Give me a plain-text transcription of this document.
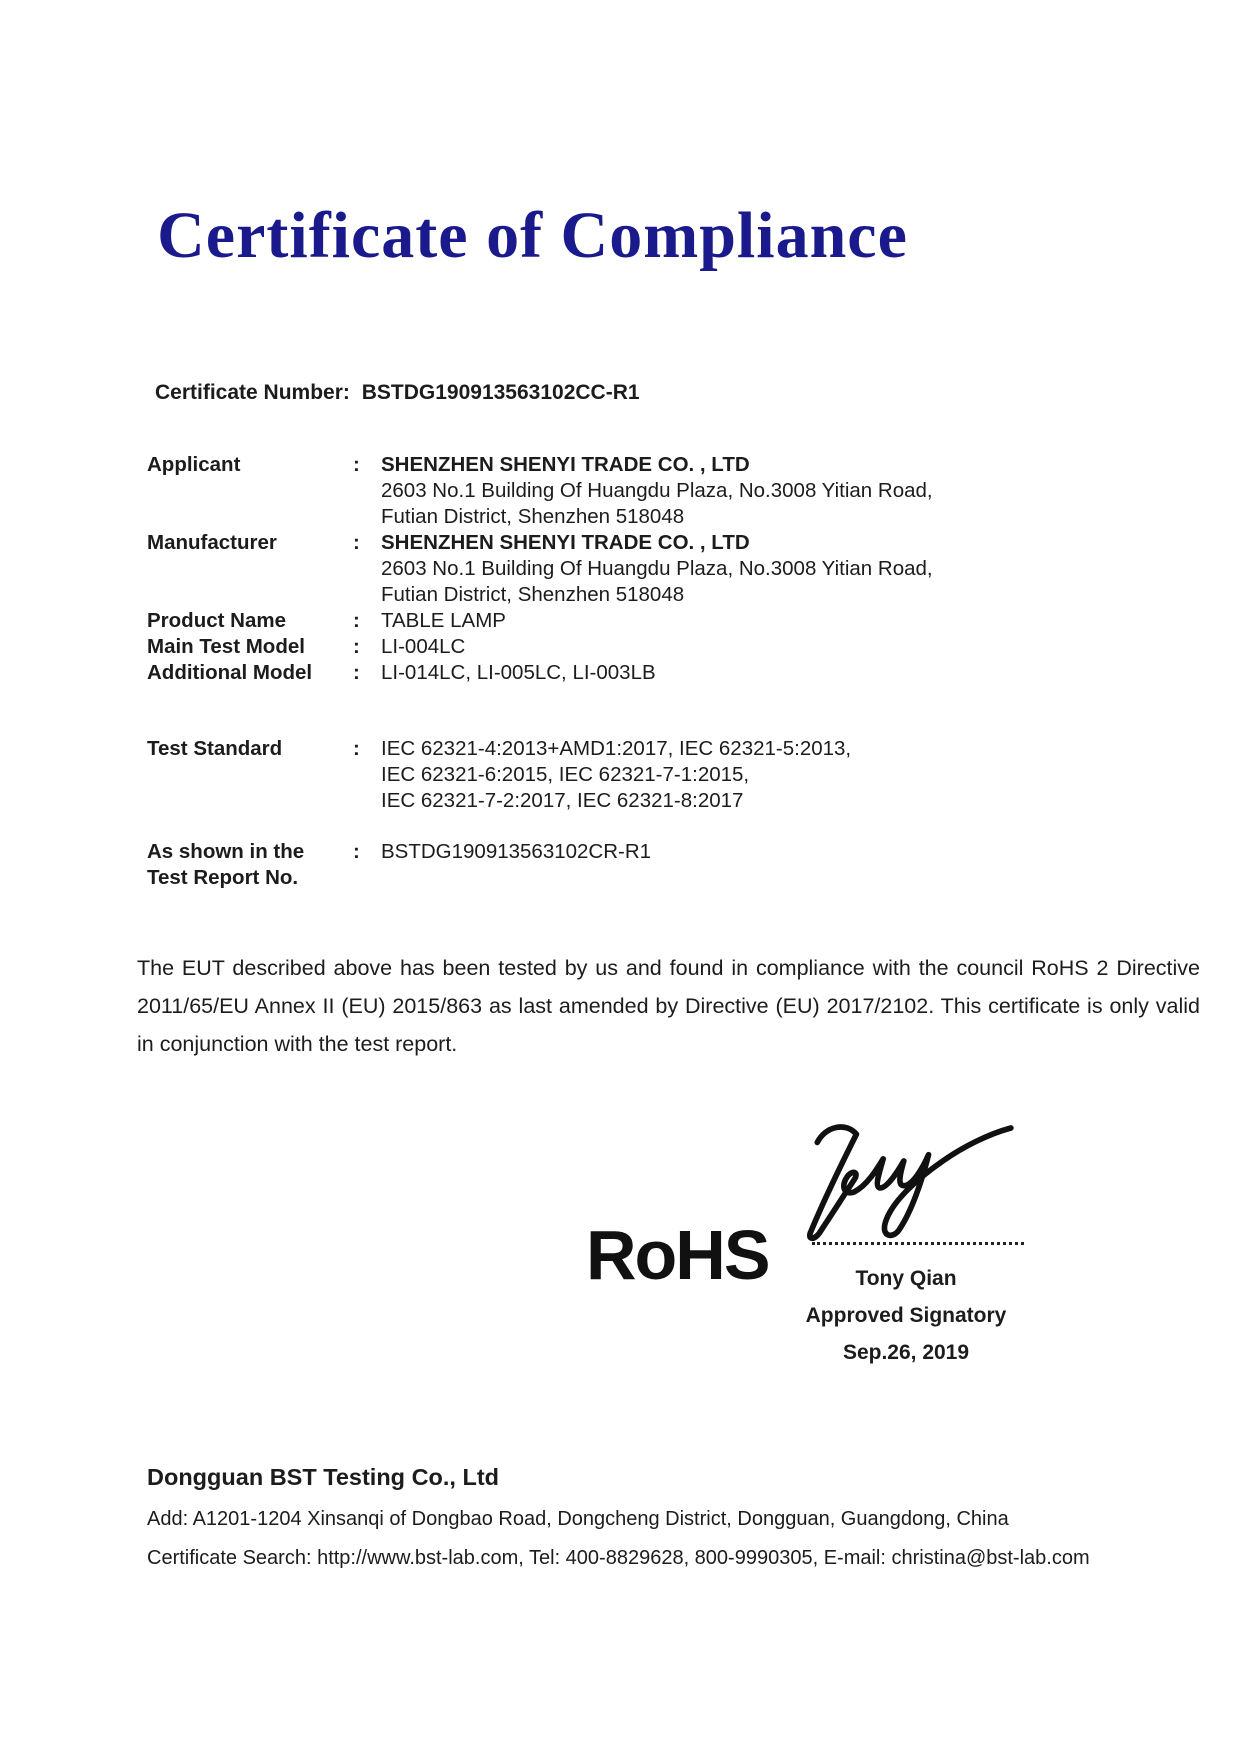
Certificate of Compliance
Certificate Number: BSTDG190913563102CC-R1
Applicant	:	SHENZHEN SHENYI TRADE CO. , LTD
2603 No.1 Building Of Huangdu Plaza, No.3008 Yitian Road,
Futian District, Shenzhen 518048
Manufacturer	:	SHENZHEN SHENYI TRADE CO. , LTD
2603 No.1 Building Of Huangdu Plaza, No.3008 Yitian Road,
Futian District, Shenzhen 518048
Product Name	:	TABLE LAMP
Main Test Model	:	LI-004LC
Additional Model	:	LI-014LC, LI-005LC, LI-003LB
Test Standard	:	IEC 62321-4:2013+AMD1:2017, IEC 62321-5:2013,
IEC 62321-6:2015, IEC 62321-7-1:2015,
IEC 62321-7-2:2017, IEC 62321-8:2017
As shown in the
Test Report No.
:	BSTDG190913563102CR-R1
The EUT described above has been tested by us and found in compliance with the council RoHS 2 Directive 2011/65/EU Annex II (EU) 2015/863 as last amended by Directive (EU) 2017/2102. This certificate is only valid in conjunction with the test report.
RoHS	Tony Qian
Approved Signatory
Sep.26, 2019
Dongguan BST Testing Co., Ltd
Add: A1201-1204 Xinsanqi of Dongbao Road, Dongcheng District, Dongguan, Guangdong, China
Certificate Search: http://www.bst-lab.com, Tel: 400-8829628, 800-9990305, E-mail: christina@bst-lab.com
